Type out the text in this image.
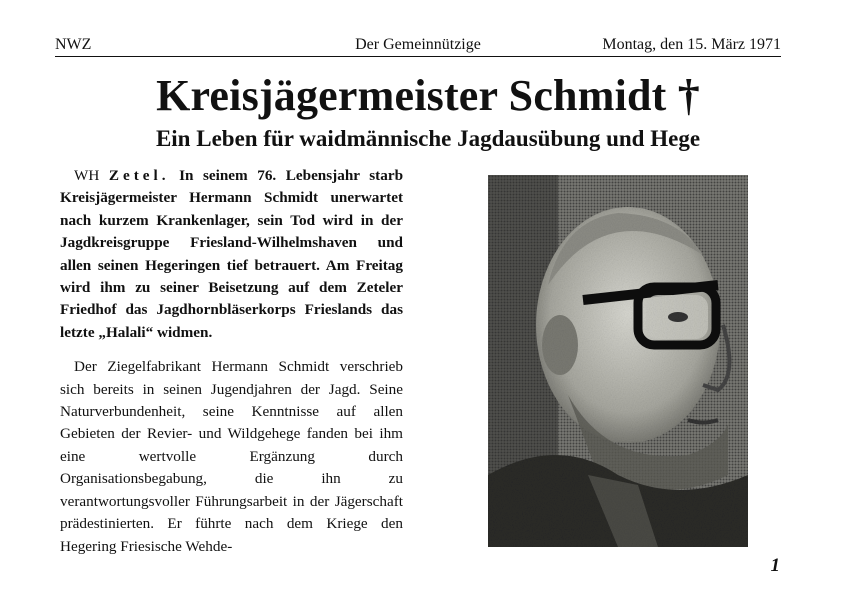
NWZ	Der Gemeinnützige	Montag, den 15. März 1971
Kreisjägermeister Schmidt †
Ein Leben für waidmännische Jagdausübung und Hege

WH Zetel. In seinem 76. Lebensjahr starb Kreisjägermeister Hermann Schmidt unerwartet nach kurzem Krankenlager, sein Tod wird in der Jagdkreisgruppe Friesland-Wilhelmshaven und allen seinen Hegeringen tief betrauert. Am Freitag wird ihm zu seiner Beisetzung auf dem Zeteler Friedhof das Jagdhornbläserkorps Frieslands das letzte „Halali“ widmen.

Der Ziegelfabrikant Hermann Schmidt verschrieb sich bereits in seinen Jugendjahren der Jagd. Seine Naturverbundenheit, seine Kenntnisse auf allen Gebieten der Revier- und Wildgehege fanden bei ihm eine wertvolle Ergänzung durch Organisationsbegabung, die ihn zu verantwortungsvoller Führungsarbeit in der Jägerschaft prädestinierten. Er führte nach dem Kriege den Hegering Friesische Wehde-

1
